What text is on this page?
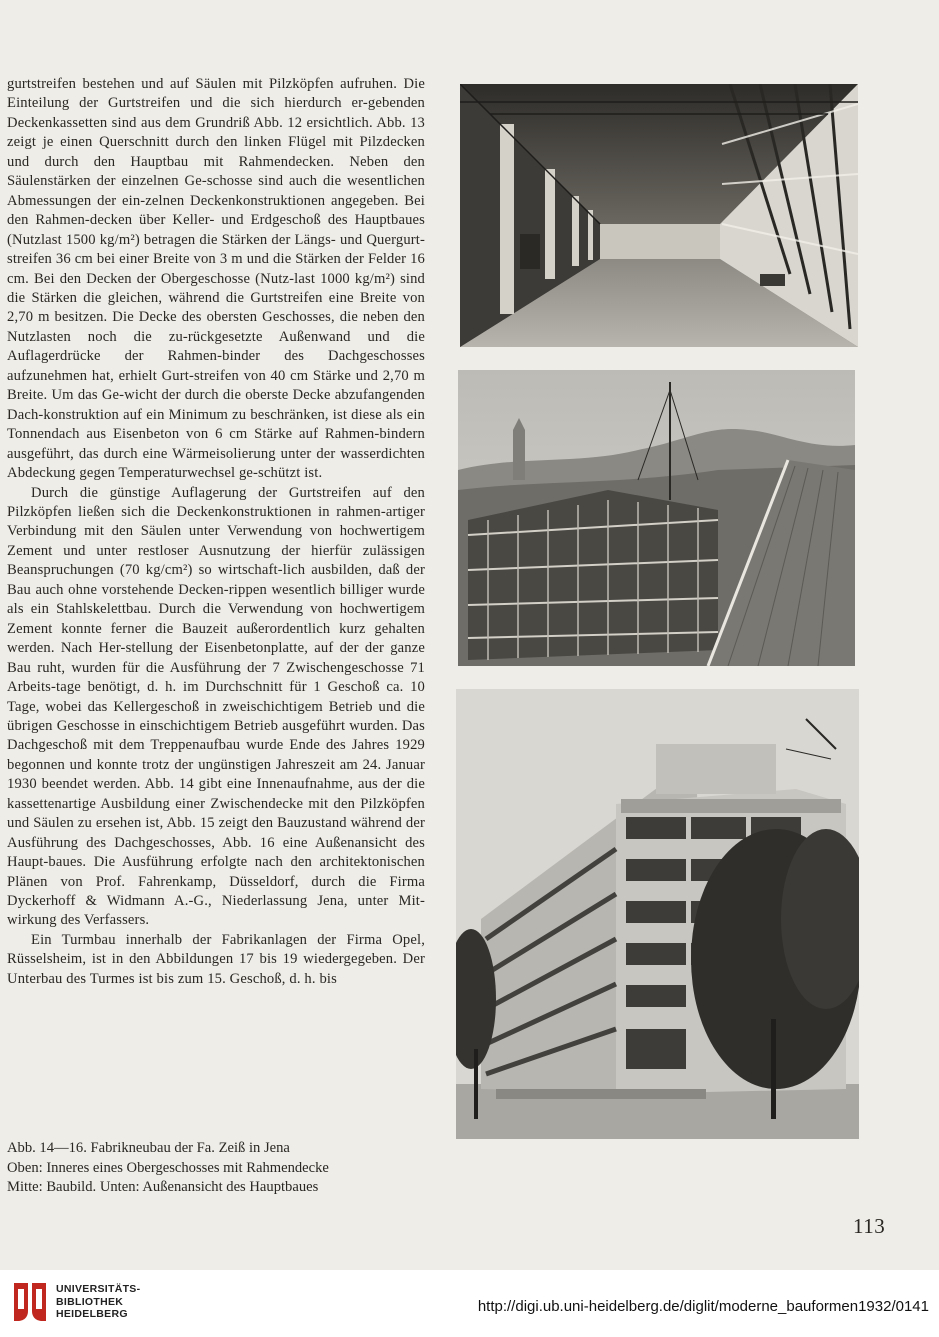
gurtstreifen bestehen und auf Säulen mit Pilzköpfen aufruhen. Die Einteilung der Gurtstreifen und die sich hierdurch er-gebenden Deckenkassetten sind aus dem Grundriß Abb. 12 ersichtlich. Abb. 13 zeigt je einen Querschnitt durch den linken Flügel mit Pilzdecken und durch den Hauptbau mit Rahmendecken. Neben den Säulenstärken der einzelnen Ge-schosse sind auch die wesentlichen Abmessungen der ein-zelnen Deckenkonstruktionen angegeben. Bei den Rahmen-decken über Keller- und Erdgeschoß des Hauptbaues (Nutzlast 1500 kg/m²) betragen die Stärken der Längs- und Quergurt-streifen 36 cm bei einer Breite von 3 m und die Stärken der Felder 16 cm. Bei den Decken der Obergeschosse (Nutz-last 1000 kg/m²) sind die Stärken die gleichen, während die Gurtstreifen eine Breite von 2,70 m besitzen. Die Decke des obersten Geschosses, die neben den Nutzlasten noch die zu-rückgesetzte Außenwand und die Auflagerdrücke der Rahmen-binder des Dachgeschosses aufzunehmen hat, erhielt Gurt-streifen von 40 cm Stärke und 2,70 m Breite. Um das Ge-wicht der durch die oberste Decke abzufangenden Dach-konstruktion auf ein Minimum zu beschränken, ist diese als ein Tonnendach aus Eisenbeton von 6 cm Stärke auf Rahmen-bindern ausgeführt, das durch eine Wärmeisolierung unter der wasserdichten Abdeckung gegen Temperaturwechsel ge-schützt ist.

Durch die günstige Auflagerung der Gurtstreifen auf den Pilzköpfen ließen sich die Deckenkonstruktionen in rahmen-artiger Verbindung mit den Säulen unter Verwendung von hochwertigem Zement und unter restloser Ausnutzung der hierfür zulässigen Beanspruchungen (70 kg/cm²) so wirtschaft-lich ausbilden, daß der Bau auch ohne vorstehende Decken-rippen wesentlich billiger wurde als ein Stahlskelettbau. Durch die Verwendung von hochwertigem Zement konnte ferner die Bauzeit außerordentlich kurz gehalten werden. Nach Her-stellung der Eisenbetonplatte, auf der der ganze Bau ruht, wurden für die Ausführung der 7 Zwischengeschosse 71 Arbeits-tage benötigt, d. h. im Durchschnitt für 1 Geschoß ca. 10 Tage, wobei das Kellergeschoß in zweischichtigem Betrieb und die übrigen Geschosse in einschichtigem Betrieb ausgeführt wurden. Das Dachgeschoß mit dem Treppenaufbau wurde Ende des Jahres 1929 begonnen und konnte trotz der ungünstigen Jahreszeit am 24. Januar 1930 beendet werden. Abb. 14 gibt eine Innenaufnahme, aus der die kassettenartige Ausbildung einer Zwischendecke mit den Pilzköpfen und Säulen zu ersehen ist, Abb. 15 zeigt den Bauzustand während der Ausführung des Dachgeschosses, Abb. 16 eine Außenansicht des Haupt-baues. Die Ausführung erfolgte nach den architektonischen Plänen von Prof. Fahrenkamp, Düsseldorf, durch die Firma Dyckerhoff & Widmann A.-G., Niederlassung Jena, unter Mit-wirkung des Verfassers.

Ein Turmbau innerhalb der Fabrikanlagen der Firma Opel, Rüsselsheim, ist in den Abbildungen 17 bis 19 wiedergegeben. Der Unterbau des Turmes ist bis zum 15. Geschoß, d. h. bis

Abb. 14—16. Fabrikneubau der Fa. Zeiß in Jena
Oben: Inneres eines Obergeschosses mit Rahmendecke
Mitte: Baubild. Unten: Außenansicht des Hauptbaues
113
UNIVERSITÄTS-
BIBLIOTHEK
HEIDELBERG	http://digi.ub.uni-heidelberg.de/diglit/moderne_bauformen1932/0141
